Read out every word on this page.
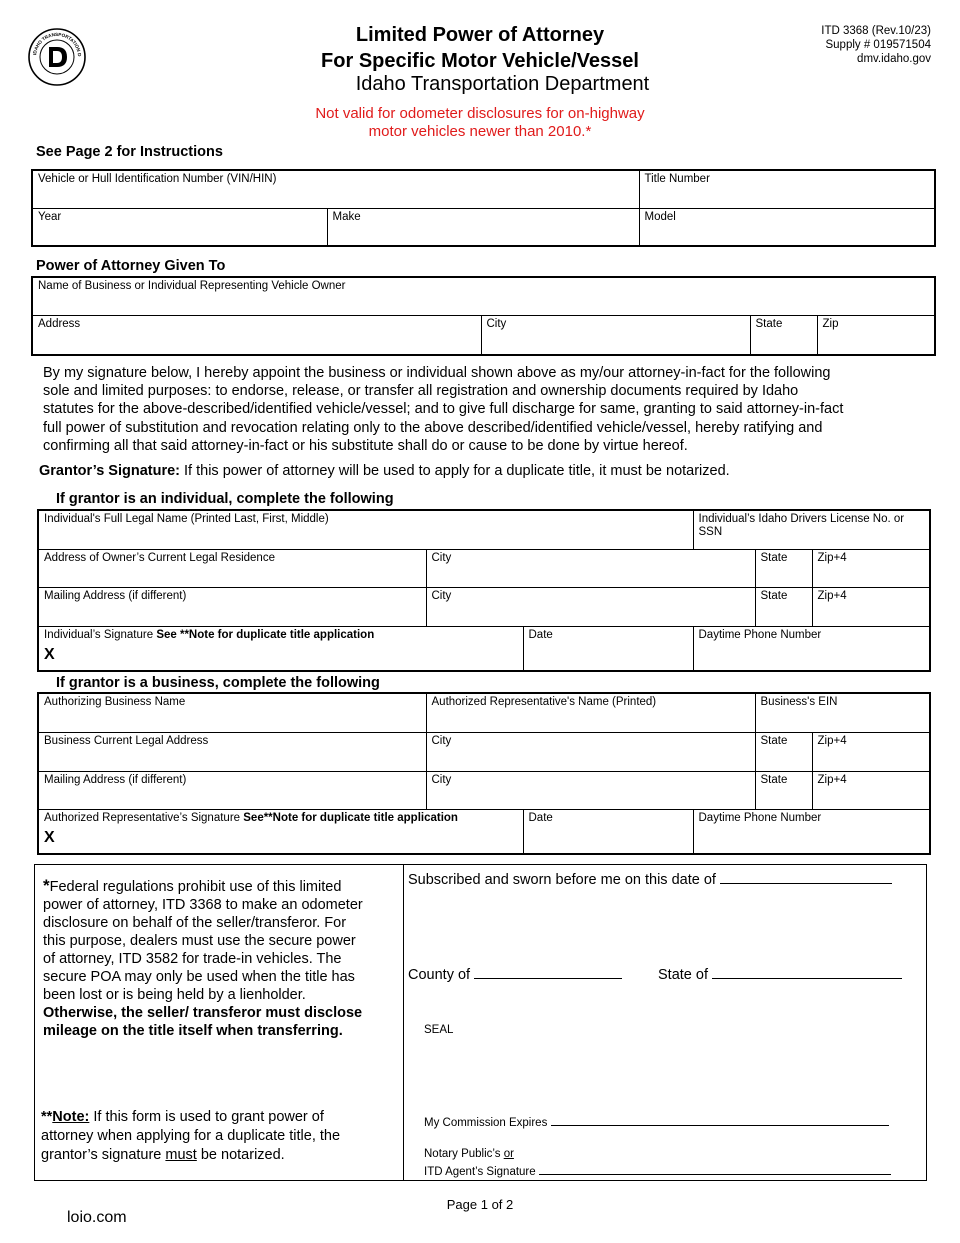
IDAHO TRANSPORTATION D
Limited Power of Attorney
For Specific Motor Vehicle/Vessel
Idaho Transportation Department
ITD 3368 (Rev.10/23)
Supply # 019571504
dmv.idaho.gov
Not valid for odometer disclosures for on-highway
motor vehicles newer than 2010.*
See Page 2 for Instructions
Vehicle or Hull Identification Number (VIN/HIN)		Title Number
Year	Make	Model
Power of Attorney Given To
Name of Business or Individual Representing Vehicle Owner
Address	City	State	Zip
By my signature below, I hereby appoint the business or individual shown above as my/our attorney-in-fact for the following
sole and limited purposes: to endorse, release, or transfer all registration and ownership documents required by Idaho
statutes for the above-described/identified vehicle/vessel; and to give full discharge for same, granting to said attorney-in-fact
full power of substitution and revocation relating only to the above described/identified vehicle/vessel, hereby ratifying and
confirming all that said attorney-in-fact or his substitute shall do or cause to be done by virtue hereof.
Grantor’s Signature: If this power of attorney will be used to apply for a duplicate title, it must be notarized.
If grantor is an individual, complete the following
Individual's Full Legal Name (Printed Last, First, Middle)			Individual’s Idaho Drivers License No. or SSN		
Address of Owner’s Current Legal Residence	City			State	Zip+4
Mailing Address (if different)	City			State	Zip+4
Individual’s Signature See **Note for duplicate title application
X		Date	Daytime Phone Number		
If grantor is a business, complete the following
Authorizing Business Name	Authorized Representative's Name (Printed)			Business's EIN	
Business Current Legal Address	City			State	Zip+4
Mailing Address (if different)	City			State	Zip+4
Authorized Representative’s Signature See**Note for duplicate title application
X		Date	Daytime Phone Number		
*Federal regulations prohibit use of this limited
power of attorney, ITD 3368 to make an odometer
disclosure on behalf of the seller/transferor. For
this purpose, dealers must use the secure power
of attorney, ITD 3582 for trade-in vehicles. The
secure POA may only be used when the title has
been lost or is being held by a lienholder.
Otherwise, the seller/ transferor must disclose
mileage on the title itself when transferring.
**Note: If this form is used to grant power of
attorney when applying for a duplicate title, the
grantor’s signature must be notarized.
Subscribed and sworn before me on this date of
County of	State of
SEAL
My Commission Expires
Notary Public’s or
ITD Agent’s Signature
Page 1 of 2
loio.com
